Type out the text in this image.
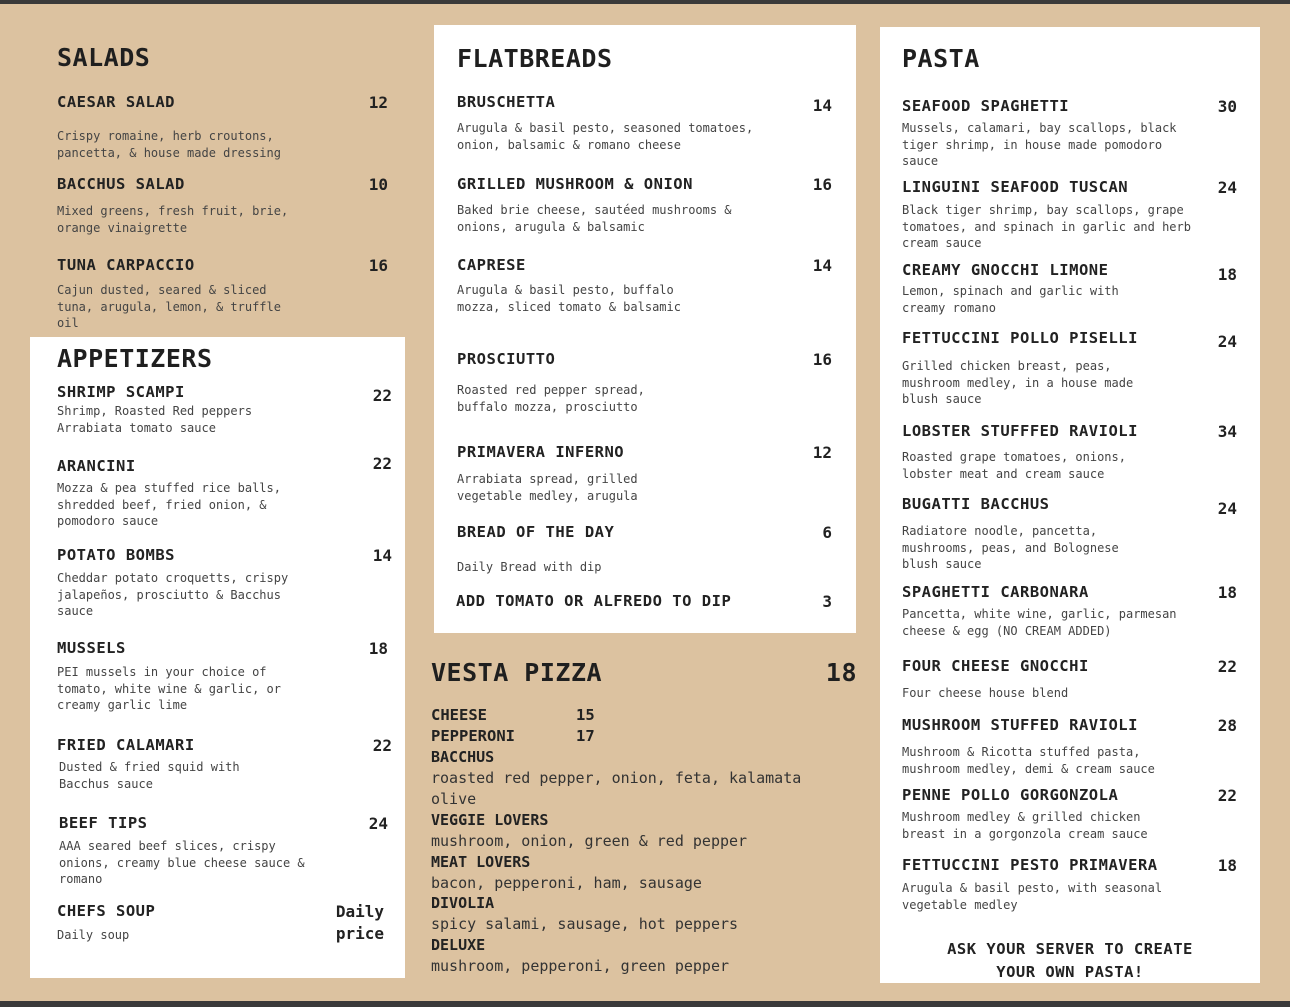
SALADS
CAESAR SALAD	12
Crispy romaine, herb croutons, pancetta, & house made dressing
BACCHUS SALAD	10
Mixed greens, fresh fruit, brie, orange vinaigrette
TUNA CARPACCIO	16
Cajun dusted, seared & sliced tuna, arugula, lemon, & truffle oil
APPETIZERS
SHRIMP SCAMPI	22
Shrimp, Roasted Red peppers Arrabiata tomato sauce
ARANCINI	22
Mozza & pea stuffed rice balls, shredded beef, fried onion, & pomodoro sauce
POTATO BOMBS	14
Cheddar potato croquetts, crispy jalapeños, prosciutto & Bacchus sauce
MUSSELS	18
PEI mussels in your choice of tomato, white wine & garlic, or creamy garlic lime
FRIED CALAMARI	22
Dusted & fried squid with Bacchus sauce
BEEF TIPS	24
AAA seared beef slices, crispy onions, creamy blue cheese sauce & romano
CHEFS SOUP	Daily
price
Daily soup
FLATBREADS
BRUSCHETTA	14
Arugula & basil pesto, seasoned tomatoes, onion, balsamic & romano cheese
GRILLED MUSHROOM & ONION	16
Baked brie cheese, sautéed mushrooms & onions, arugula & balsamic
CAPRESE	14
Arugula & basil pesto, buffalo mozza, sliced tomato & balsamic
PROSCIUTTO	16
Roasted red pepper spread, buffalo mozza, prosciutto
PRIMAVERA INFERNO	12
Arrabiata spread, grilled vegetable medley, arugula
BREAD OF THE DAY	6
Daily Bread with dip
ADD TOMATO OR ALFREDO TO DIP	3
VESTA PIZZA	18
CHEESE	15
PEPPERONI	17
BACCHUS
roasted red pepper, onion, feta, kalamata
olive
VEGGIE LOVERS
mushroom, onion, green & red pepper
MEAT LOVERS
bacon, pepperoni, ham, sausage
DIVOLIA
spicy salami, sausage, hot peppers
DELUXE
mushroom, pepperoni, green pepper
PASTA
SEAFOOD SPAGHETTI	30
Mussels, calamari, bay scallops, black tiger shrimp, in house made pomodoro sauce
LINGUINI SEAFOOD TUSCAN	24
Black tiger shrimp, bay scallops, grape tomatoes, and spinach in garlic and herb cream sauce
CREAMY GNOCCHI LIMONE	18
Lemon, spinach and garlic with creamy romano
FETTUCCINI POLLO PISELLI	24
Grilled chicken breast, peas, mushroom medley, in a house made blush sauce
LOBSTER STUFFFED RAVIOLI	34
Roasted grape tomatoes, onions, lobster meat and cream sauce
BUGATTI BACCHUS	24
Radiatore noodle, pancetta, mushrooms, peas, and Bolognese blush sauce
SPAGHETTI CARBONARA	18
Pancetta, white wine, garlic, parmesan cheese & egg (NO CREAM ADDED)
FOUR CHEESE GNOCCHI	22
Four cheese house blend
MUSHROOM STUFFED RAVIOLI	28
Mushroom & Ricotta stuffed pasta, mushroom medley, demi & cream sauce
PENNE POLLO GORGONZOLA	22
Mushroom medley & grilled chicken breast in a gorgonzola cream sauce
FETTUCCINI PESTO PRIMAVERA	18
Arugula & basil pesto, with seasonal vegetable medley
ASK YOUR SERVER TO CREATE
YOUR OWN PASTA!
